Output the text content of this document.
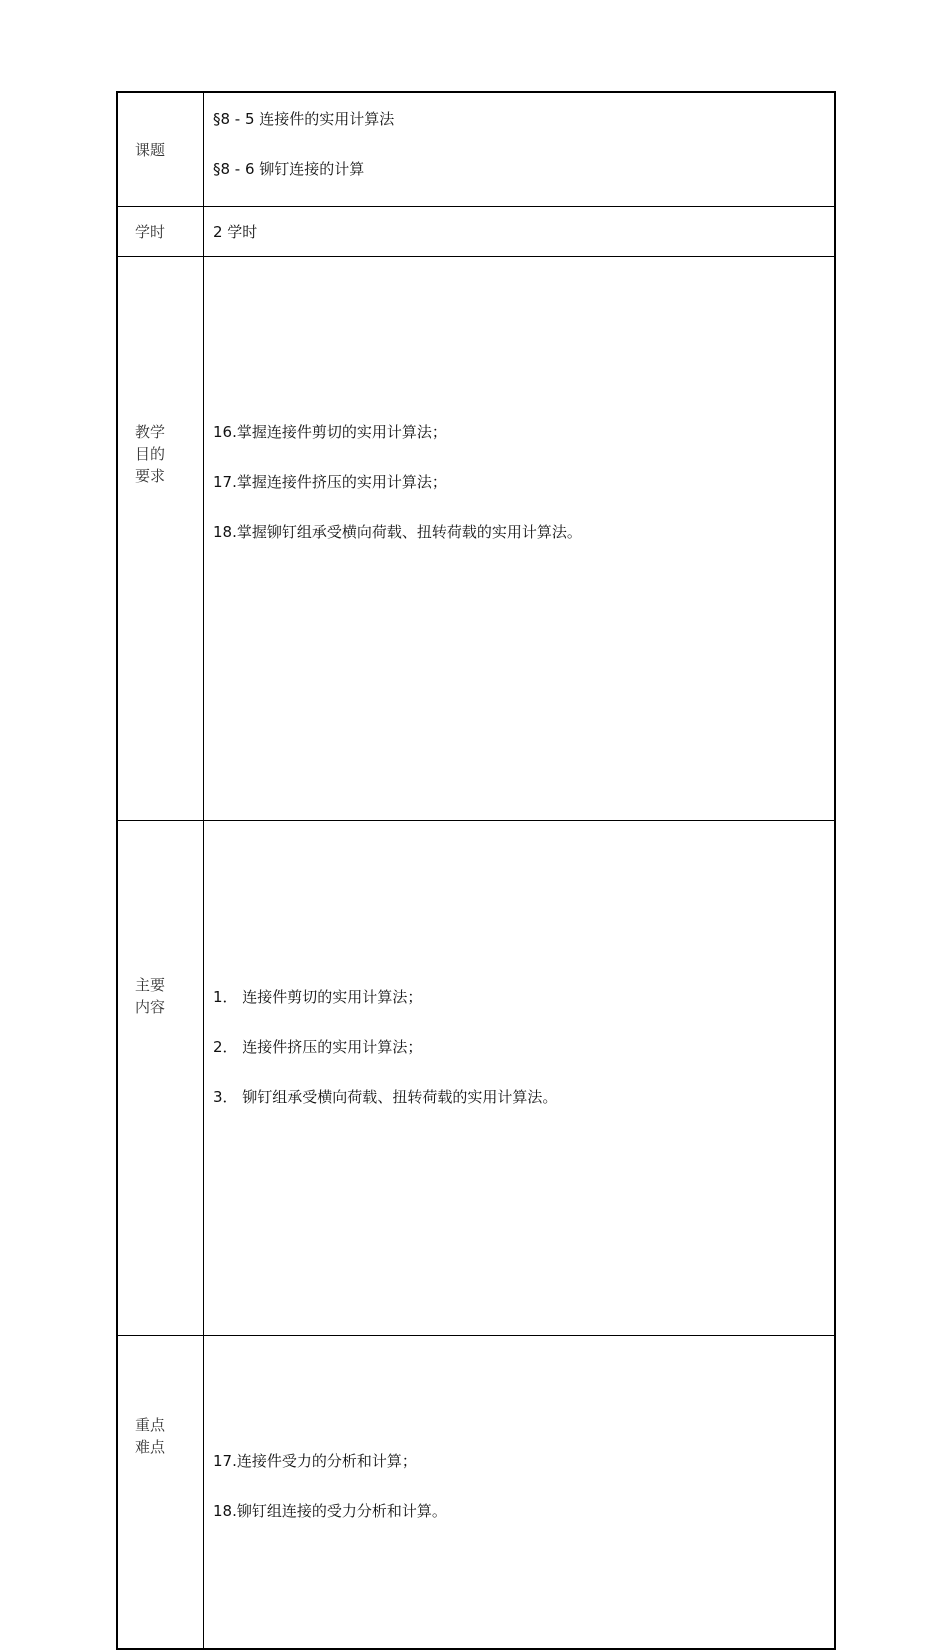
课题	§8 - 5 连接件的实用计算法
§8 - 6 铆钉连接的计算

学时	2 学时

教学
目的
要求	16.掌握连接件剪切的实用计算法；
17.掌握连接件挤压的实用计算法；
18.掌握铆钉组承受横向荷载、扭转荷载的实用计算法。

主要
内容	1． 连接件剪切的实用计算法；
2． 连接件挤压的实用计算法；
3． 铆钉组承受横向荷载、扭转荷载的实用计算法。

重点
难点	17.连接件受力的分析和计算；
18.铆钉组连接的受力分析和计算。
